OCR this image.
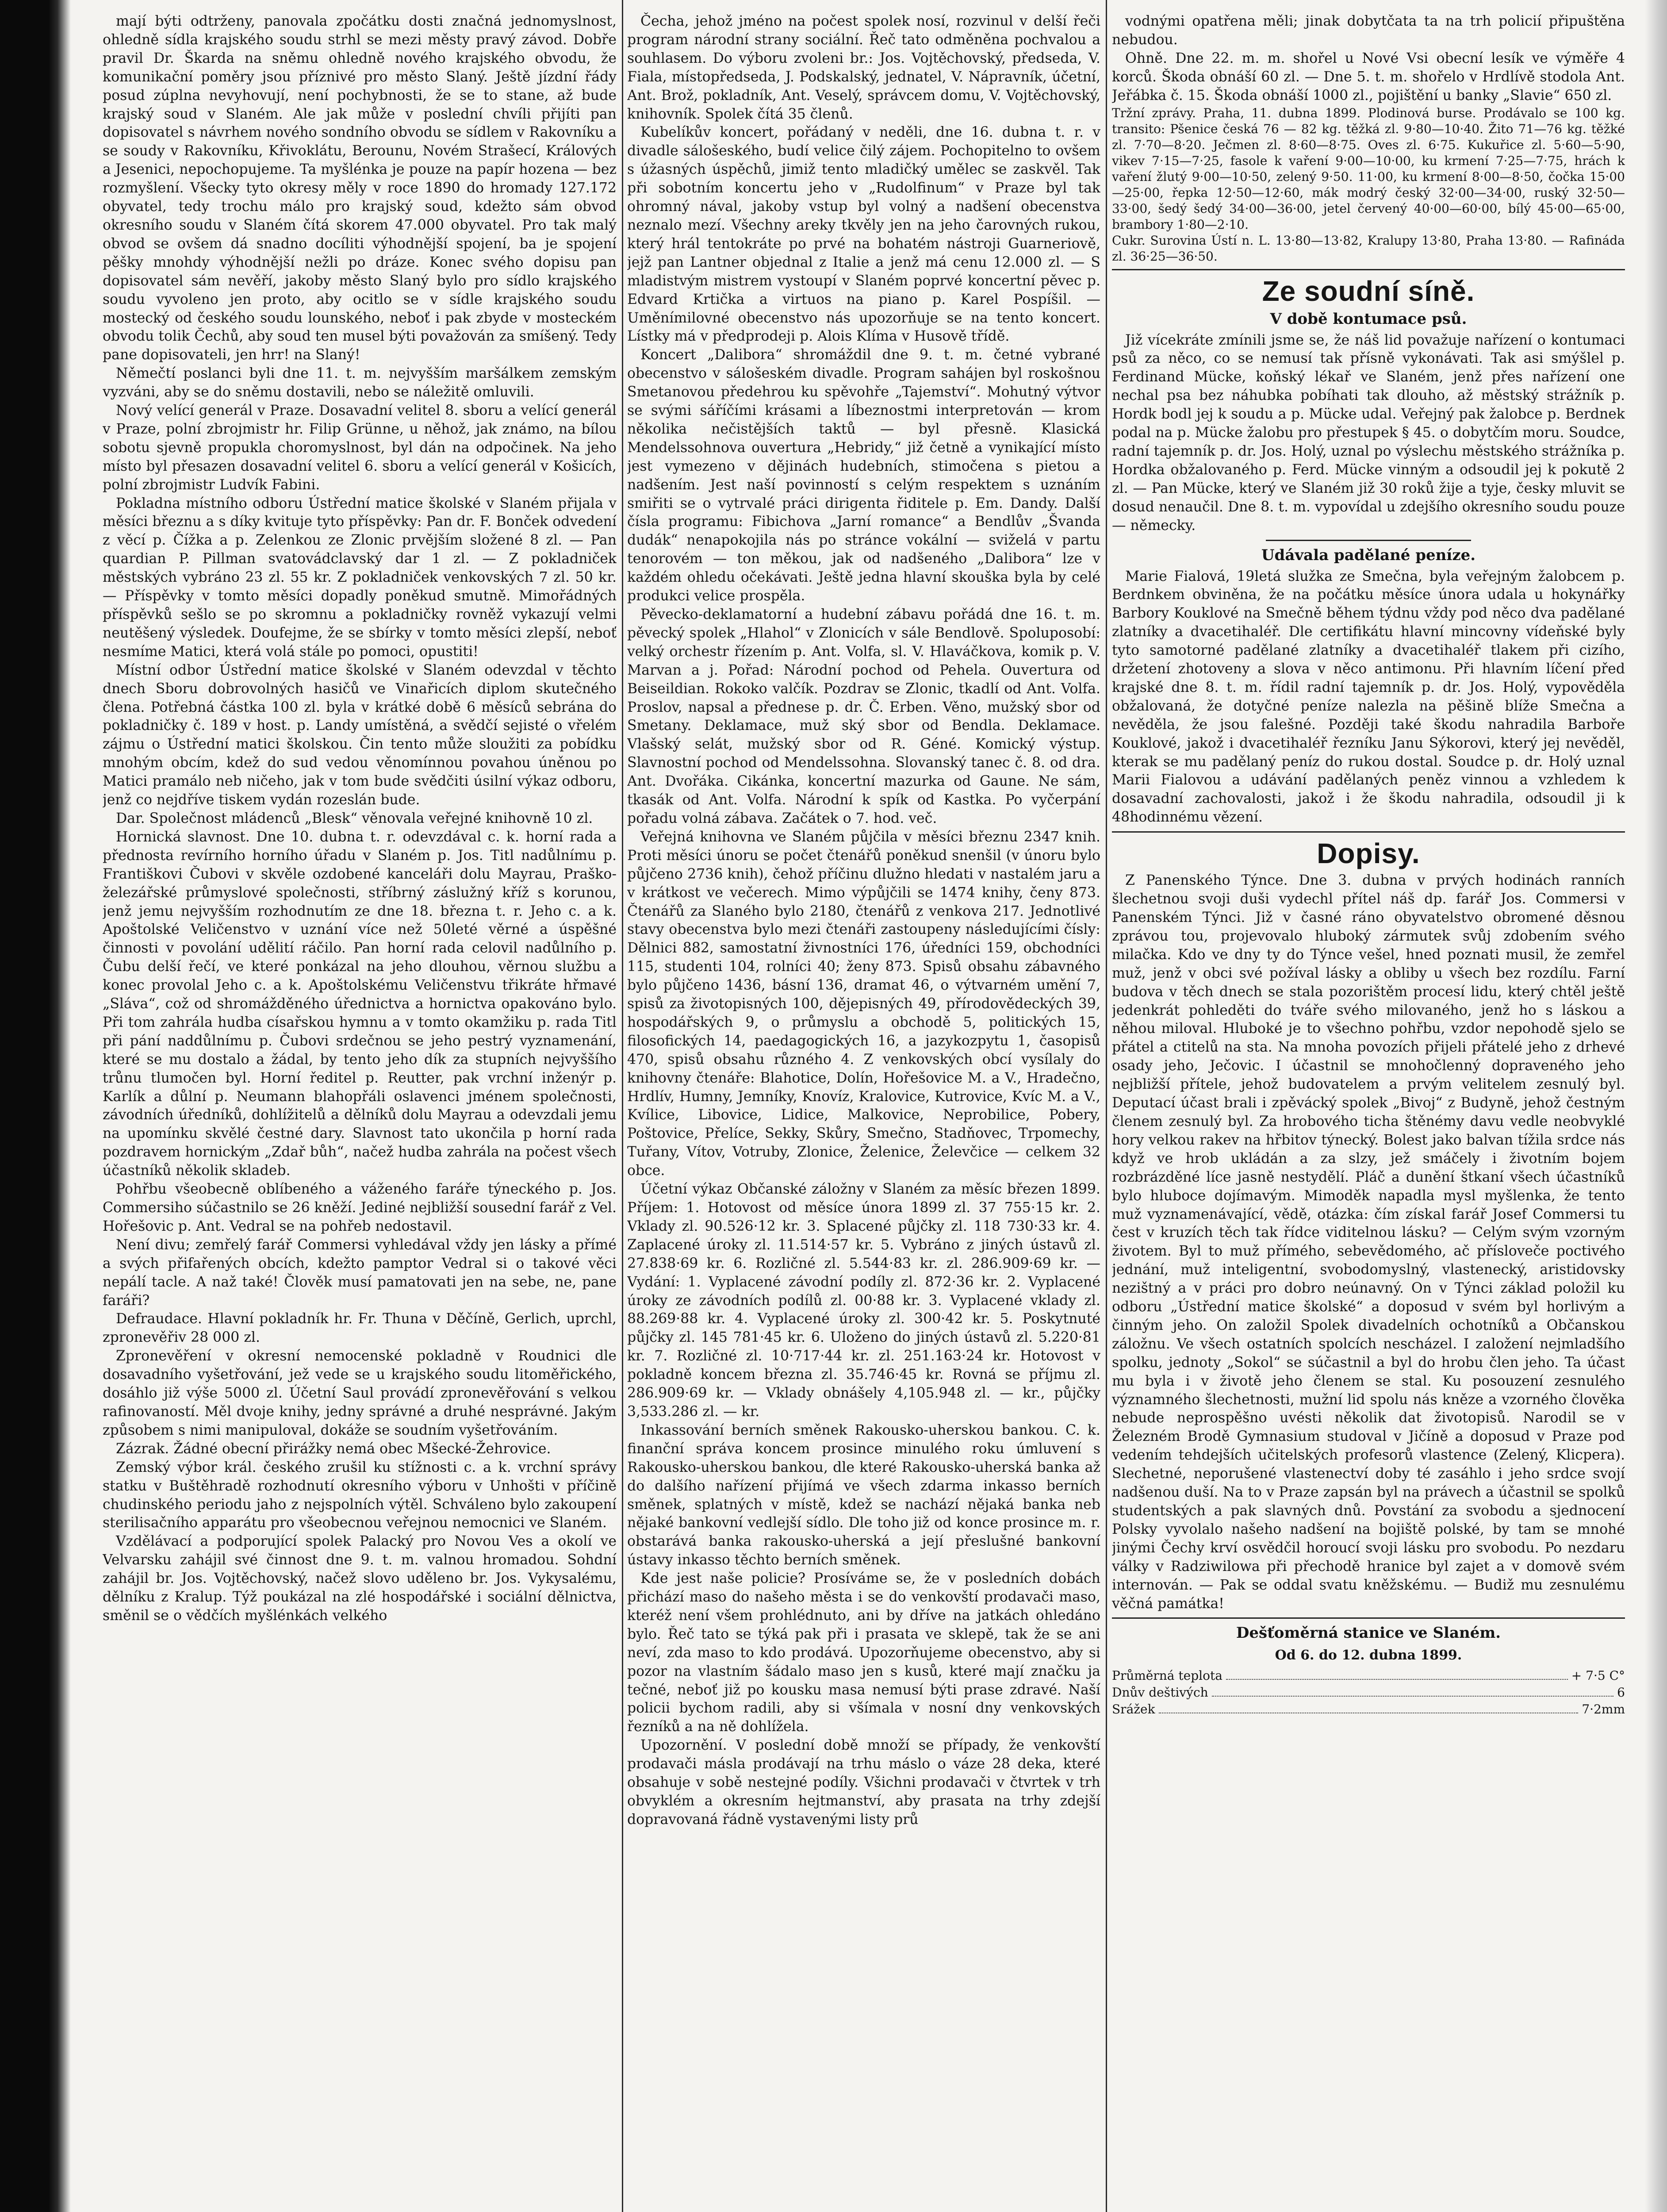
mají býti odtrženy, panovala zpočátku dosti značná jednomyslnost, ohledně sídla krajského soudu strhl se mezi městy pravý závod. Dobře pravil Dr. Škarda na sněmu ohledně nového krajského obvodu, že komunikační poměry jsou příznivé pro město Slaný. Ještě jízdní řády posud zúplna nevyhovují, není pochybnosti, že se to stane, až bude krajský soud v Slaném. Ale jak může v poslední chvíli přijíti pan dopisovatel s návrhem nového sondního obvodu se sídlem v Rakovníku a se soudy v Rakovníku, Křivoklátu, Berounu, Novém Strašecí, Králových a Jesenici, nepochopujeme. Ta myšlénka je pouze na papír hozena — bez rozmyšlení. Všecky tyto okresy měly v roce 1890 do hromady 127.172 obyvatel, tedy trochu málo pro krajský soud, kdežto sám obvod okresního soudu v Slaném čítá skorem 47.000 obyvatel. Pro tak malý obvod se ovšem dá snadno docíliti výhodnější spojení, ba je spojení pěšky mnohdy výhodnější nežli po dráze. Konec svého dopisu pan dopisovatel sám nevěří, jakoby město Slaný bylo pro sídlo krajského soudu vyvoleno jen proto, aby ocitlo se v sídle krajského soudu mostecký od českého soudu lounského, neboť i pak zbyde v mosteckém obvodu tolik Čechů, aby soud ten musel býti považován za smíšený. Tedy pane dopisovateli, jen hrr! na Slaný!

Němečtí poslanci byli dne 11. t. m. nejvyšším maršálkem zemským vyzváni, aby se do sněmu dostavili, nebo se náležitě omluvili.

Nový velící generál v Praze. Dosavadní velitel 8. sboru a velící generál v Praze, polní zbrojmistr hr. Filip Grünne, u něhož, jak známo, na bílou sobotu sjevně propukla choromyslnost, byl dán na odpočinek. Na jeho místo byl přesazen dosavadní velitel 6. sboru a velící generál v Košicích, polní zbrojmistr Ludvík Fabini.

Pokladna místního odboru Ústřední matice školské v Slaném přijala v měsíci březnu a s díky kvituje tyto příspěvky: Pan dr. F. Bonček odvedení z věcí p. Čížka a p. Zelenkou ze Zlonic prvějším složené 8 zl. — Pan quardian P. Pillman svatovádclavský dar 1 zl. — Z pokladniček městských vybráno 23 zl. 55 kr. Z pokladniček venkovských 7 zl. 50 kr. — Příspěvky v tomto měsíci dopadly poněkud smutně. Mimořádných příspěvků sešlo se po skromnu a pokladničky rovněž vykazují velmi neutěšený výsledek. Doufejme, že se sbírky v tomto měsíci zlepší, neboť nesmíme Matici, která volá stále po pomoci, opustiti!

Místní odbor Ústřední matice školské v Slaném odevzdal v těchto dnech Sboru dobrovolných hasičů ve Vinařicích diplom skutečného člena. Potřebná částka 100 zl. byla v krátké době 6 měsíců sebrána do pokladničky č. 189 v host. p. Landy umístěná, a svědčí sejisté o vřelém zájmu o Ústřední matici školskou. Čin tento může sloužiti za pobídku mnohým obcím, kdež do sud vedou věnomínnou povahou úněnou po Matici pramálo neb ničeho, jak v tom bude svědčiti úsilní výkaz odboru, jenž co nejdříve tiskem vydán rozeslán bude.

Dar. Společnost mládenců „Blesk“ věnovala veřejné knihovně 10 zl.

Hornická slavnost. Dne 10. dubna t. r. odevzdával c. k. horní rada a přednosta revírního horního úřadu v Slaném p. Jos. Titl nadůlnímu p. Františkovi Čubovi v skvěle ozdobené kanceláři dolu Mayrau, Praško-železářské průmyslové společnosti, stříbrný záslužný kříž s korunou, jenž jemu nejvyšším rozhodnutím ze dne 18. března t. r. Jeho c. a k. Apoštolské Veličenstvo v uznání více než 50leté věrné a úspěšné činnosti v povolání udělití ráčilo. Pan horní rada celovil nadůlního p. Čubu delší řečí, ve které ponkázal na jeho dlouhou, věrnou službu a konec provolal Jeho c. a k. Apoštolskému Veličenstvu třikráte hřmavé „Sláva“, což od shromážděného úřednictva a hornictva opakováno bylo. Při tom zahrála hudba císařskou hymnu a v tomto okamžiku p. rada Titl při pání naddůlnímu p. Čubovi srdečnou se jeho pestrý vyznamenání, které se mu dostalo a žádal, by tento jeho dík za stupních nejvyššího trůnu tlumočen byl. Horní ředitel p. Reutter, pak vrchní inženýr p. Karlík a důlní p. Neumann blahopřáli oslavenci jménem společnosti, závodních úředníků, dohlížitelů a dělníků dolu Mayrau a odevzdali jemu na upomínku skvělé čestné dary. Slavnost tato ukončila p horní rada pozdravem hornickým „Zdař bůh“, načež hudba zahrála na počest všech účastníků několik skladeb.

Pohřbu všeobecně oblíbeného a váženého faráře týneckého p. Jos. Commersiho súčastnilo se 26 kněží. Jediné nejbližší sousední farář z Vel. Hořešovic p. Ant. Vedral se na pohřeb nedostavil.

Není divu; zemřelý farář Commersi vyhledával vždy jen lásky a přímé a svých přifařených obcích, kdežto pamptor Vedral si o takové věci nepálí tacle. A naž také! Člověk musí pamatovati jen na sebe, ne, pane faráři?

Defraudace. Hlavní pokladník hr. Fr. Thuna v Děčíně, Gerlich, uprchl, zpronevěřiv 28 000 zl.

Zpronevěření v okresní nemocenské pokladně v Roudnici dle dosavadního vyšetřování, jež vede se u krajského soudu litoměřického, dosáhlo již výše 5000 zl. Účetní Saul provádí zpronevěřování s velkou rafinovaností. Měl dvoje knihy, jedny správné a druhé nesprávné. Jakým způsobem s nimi manipuloval, dokáže se soudním vyšetřováním.

Zázrak. Žádné obecní přirážky nemá obec Mšecké-Žehrovice.

Zemský výbor král. českého zrušil ku stížnosti c. a k. vrchní správy statku v Buštěhradě rozhodnutí okresního výboru v Unhošti v příčině chudinského periodu jaho z nejspolních výtěl. Schváleno bylo zakoupení sterilisačního apparátu pro všeobecnou veřejnou nemocnici ve Slaném.

Vzdělávací a podporující spolek Palacký pro Novou Ves a okolí ve Velvarsku zahájil své činnost dne 9. t. m. valnou hromadou. Sohdní zahájil br. Jos. Vojtěchovský, načež slovo uděleno br. Jos. Vykysalému, dělníku z Kralup. Týž poukázal na zlé hospodářské i sociální dělnictva, směnil se o vědčích myšlénkách velkého

Čecha, jehož jméno na počest spolek nosí, rozvinul v delší řeči program národní strany sociální. Řeč tato odměněna pochvalou a souhlasem. Do výboru zvoleni br.: Jos. Vojtěchovský, předseda, V. Fiala, místopředseda, J. Podskalský, jednatel, V. Nápravník, účetní, Ant. Brož, pokladník, Ant. Veselý, správcem domu, V. Vojtěchovský, knihovník. Spolek čítá 35 členů.

Kubelíkův koncert, pořádaný v neděli, dne 16. dubna t. r. v divadle sálošeského, budí velice čilý zájem. Pochopitelno to ovšem s úžasných úspěchů, jimiž tento mladičký umělec se zaskvěl. Tak při sobotním koncertu jeho v „Rudolfinum“ v Praze byl tak ohromný nával, jakoby vstup byl volný a nadšení obecenstva neznalo mezí. Všechny areky tkvěly jen na jeho čarovných rukou, který hrál tentokráte po prvé na bohatém nástroji Guarneriově, jejž pan Lantner objednal z Italie a jenž má cenu 12.000 zl. — S mladistvým mistrem vystoupí v Slaném poprvé koncertní pěvec p. Edvard Krtička a virtuos na piano p. Karel Pospíšil. — Uměnímilovné obecenstvo nás upozorňuje se na tento koncert. Lístky má v předprodeji p. Alois Klíma v Husově třídě.

Koncert „Daliborа“ shromáždil dne 9. t. m. četné vybrané obecenstvo v sálošeském divadle. Program sahájen byl roskošnou Smetanovou předehrou ku spěvohře „Tajemství“. Mohutný výtvor se svými sáříčími krásami a líbeznostmi interpretován — krom několika nečistějších taktů — byl přesně. Klasická Mendelssohnova ouvertura „Hebridy,“ již četně a vynikající místo jest vymezeno v dějinách hudebních, stimočena s pietou a nadšením. Jest naší povinností s celým respektem s uznáním smiřiti se o vytrvalé práci dirigenta řiditele p. Em. Dandy. Další čísla programu: Fibichova „Jarní romance“ a Bendlův „Švanda dudák“ nenapokojila nás po stránce vokální — sviželá v partu tenorovém — ton měkou, jak od nadšeného „Dalibora“ lze v každém ohledu očekávati. Ještě jedna hlavní skouška byla by celé produkci velice prospěla.

Pěvecko-deklamatorní a hudební zábavu pořádá dne 16. t. m. pěvecký spolek „Hlahol“ v Zlonicích v sále Bendlově. Spoluposobí: velký orchestr řízením p. Ant. Volfa, sl. V. Hlaváčkova, komik p. V. Marvan a j. Pořad: Národní pochod od Pehela. Ouvertura od Beiseildian. Rokoko valčík. Pozdrav se Zlonic, tkadlí od Ant. Volfa. Proslov, napsal a přednese p. dr. Č. Erben. Věno, mužský sbor od Smetany. Deklamace, muž ský sbor od Bendla. Deklamace. Vlašský selát, mužský sbor od R. Géné. Komický výstup. Slavnostní pochod od Mendelssohna. Slovanský tanec č. 8. od dra. Ant. Dvořáka. Cikánka, koncertní mazurka od Gaune. Ne sám, tkasák od Ant. Volfa. Národní k spík od Kastka. Po vyčerpání pořadu volná zábava. Začátek o 7. hod. več.

Veřejná knihovna ve Slaném půjčila v měsíci březnu 2347 knih. Proti měsíci únoru se počet čtenářů poněkud snenšil (v únoru bylo půjčeno 2736 knih), čehož příčinu dlužno hledati v nastalém jaru a v krátkost ve večerech. Mimo výpůjčili se 1474 knihy, čeny 873. Čtenářů za Slaného bylo 2180, čtenářů z venkova 217. Jednotlivé stavy obecenstva bylo mezi čtenáři zastoupeny následujícími čísly: Dělnici 882, samostatní živnostníci 176, úředníci 159, obchodníci 115, studenti 104, rolníci 40; ženy 873. Spisů obsahu zábavného bylo půjčeno 1436, básní 136, dramat 46, o výtvarném umění 7, spisů za životopisných 100, dějepisných 49, přírodovědeckých 39, hospodářských 9, o průmyslu a obchodě 5, politických 15, filosofických 14, paedagogických 16, a jazykozpytu 1, časopisů 470, spisů obsahu různého 4. Z venkovských obcí vysílaly do knihovny čtenáře: Blahotice, Dolín, Hořešovice M. a V., Hradečno, Hrdlív, Humny, Jemníky, Knovíz, Kralovice, Kutrovice, Kvíc M. a V., Kvílice, Libovice, Lidice, Malkovice, Neprobilice, Pobery, Poštovice, Přelíce, Sekky, Skůry, Smečno, Stadňovec, Trpomechy, Tuřany, Vítov, Votruby, Zlonice, Želenice, Želevčice — celkem 32 obce.

Účetní výkaz Občanské záložny v Slaném za měsíc březen 1899. Příjem: 1. Hotovost od měsíce února 1899 zl. 37 755·15 kr. 2. Vklady zl. 90.526·12 kr. 3. Splacené půjčky zl. 118 730·33 kr. 4. Zaplacené úroky zl. 11.514·57 kr. 5. Vybráno z jiných ústavů zl. 27.838·69 kr. 6. Rozličné zl. 5.544·83 kr. zl. 286.909·69 kr. — Vydání: 1. Vyplacené závodní podíly zl. 872·36 kr. 2. Vyplacené úroky ze závodních podílů zl. 00·88 kr. 3. Vyplacené vklady zl. 88.269·88 kr. 4. Vyplacené úroky zl. 300·42 kr. 5. Poskytnuté půjčky zl. 145 781·45 kr. 6. Uloženo do jiných ústavů zl. 5.220·81 kr. 7. Rozličné zl. 10·717·44 kr. zl. 251.163·24 kr. Hotovost v pokladně koncem března zl. 35.746·45 kr. Rovná se příjmu zl. 286.909·69 kr. — Vklady obnášely 4,105.948 zl. — kr., půjčky 3,533.286 zl. — kr.

Inkassování berních směnek Rakousko-uherskou bankou. C. k. finanční správa koncem prosince minulého roku úmluvení s Rakousko-uherskou bankou, dle které Rakousko-uherská banka až do dalšího nařízení přijímá ve všech zdarma inkasso berních směnek, splatných v místě, kdež se nachází nějaká banka neb nějaké bankovní vedlejší sídlo. Dle toho již od konce prosince m. r. obstarává banka rakousko-uherská a její přeslušné bankovní ústavy inkasso těchto berních směnek.

Kde jest naše policie? Prosíváme se, že v posledních dobách přichází maso do našeho města i se do venkovští prodavači maso, kteréž není všem prohlédnuto, ani by dříve na jatkách ohledáno bylo. Řeč tato se týká pak při i prasata ve sklepě, tak že se ani neví, zda maso to kdo prodává. Upozorňujeme obecenstvo, aby si pozor na vlastním šádalo maso jen s kusů, které mají značku ja tečné, neboť již po kousku masa nemusí býti prase zdravé. Naší policii bychom radili, aby si všímala v nosní dny venkovských řezníků a na ně dohlížela.

Upozornění. V poslední době množí se případy, že venkovští prodavači másla prodávají na trhu máslo o váze 28 deka, které obsahuje v sobě nestejné podíly. Všichni prodavači v čtvrtek v trh obvyklém a okresním hejtmanství, aby prasata na trhy zdejší dopravovaná řádně vystavenými listy prů

vodnými opatřena měli; jinak dobytčata ta na trh policií připuštěna nebudou.

Ohně. Dne 22. m. m. shořel u Nové Vsi obecní lesík ve výměře 4 korců. Škoda obnáší 60 zl. — Dne 5. t. m. shořelo v Hrdlívě stodola Ant. Jeřábka č. 15. Škoda obnáší 1000 zl., pojištění u banky „Slavie“ 650 zl.

Tržní zprávy. Praha, 11. dubna 1899. Plodinová burse. Prodávalo se 100 kg. transito: Pšenice česká 76 — 82 kg. těžká zl. 9·80—10·40. Žito 71—76 kg. těžké zl. 7·70—8·20. Ječmen zl. 8·60—8·75. Oves zl. 6·75. Kukuřice zl. 5·60—5·90, vikev 7·15—7·25, fasole k vaření 9·00—10·00, ku krmení 7·25—7·75, hrách k vaření žlutý 9·00—10·50, zelený 9·50. 11·00, ku krmení 8·00—8·50, čočka 15·00—25·00, řepka 12·50—12·60, mák modrý český 32·00—34·00, ruský 32·50—33·00, šedý šedý 34·00—36·00, jetel červený 40·00—60·00, bílý 45·00—65·00, brambory 1·80—2·10.
Cukr. Surovina Ústí n. L. 13·80—13·82, Kralupy 13·80, Praha 13·80. — Rafináda zl. 36·25—36·50.
Ze soudní síně.
V době kontumace psů.

Již vícekráte zmínili jsme se, že náš lid považuje nařízení o kontumaci psů za něco, co se nemusí tak přísně vykonávati. Tak asi smýšlel p. Ferdinand Mücke, koňský lékař ve Slaném, jenž přes nařízení one nechal psa bez náhubka pobíhati tak dlouho, až městský strážník p. Hordk bodl jej k soudu a p. Mücke udal. Veřejný pak žalobce p. Berdnek podal na p. Mücke žalobu pro přestupek § 45. o dobytčím moru. Soudce, radní tajemník p. dr. Jos. Holý, uznal po výslechu městského strážníka p. Hordka obžalovaného p. Ferd. Mücke vinným a odsoudil jej k pokutě 2 zl. — Pan Mücke, který ve Slaném již 30 roků žije a tyje, česky mluvit se dosud nenaučil. Dne 8. t. m. vypovídal u zdejšího okresního soudu pouze — německy.

Udávala padělané peníze.

Marie Fialová, 19letá služka ze Smečna, byla veřejným žalobcem p. Berdnkem obviněna, že na počátku měsíce února udala u hokynářky Barbory Kouklové na Smečně během týdnu vždy pod něco dva padělané zlatníky a dvacetihaléř. Dle certifikátu hlavní mincovny vídeňské byly tyto samotorné padělané zlatníky a dvacetihaléř tlakem při cizího, držetení zhotoveny a slova v něco antimonu. Při hlavním líčení před krajské dne 8. t. m. řídil radní tajemník p. dr. Jos. Holý, vypověděla obžalovaná, že dotyčné peníze nalezla na pěšině blíže Smečna a nevěděla, že jsou falešné. Později také škodu nahradila Barboře Kouklové, jakož i dvacetihaléř řezníku Janu Sýkorovi, který jej nevěděl, kterak se mu padělaný peníz do rukou dostal. Soudce p. dr. Holý uznal Marii Fialovou a udávání padělaných peněz vinnou a vzhledem k dosavadní zachovalosti, jakož i že škodu nahradila, odsoudil ji k 48hodinnému vězení.

Dopisy.

Z Panenského Týnce. Dne 3. dubna v prvých hodinách ranních šlechetnou svoji duši vydechl přítel náš dp. farář Jos. Commersi v Panenském Týnci. Již v časné ráno obyvatelstvo obromené děsnou zprávou tou, projevovalo hluboký zármutek svůj zdobením svého milačka. Kdo ve dny ty do Týnce vešel, hned poznati musil, že zemřel muž, jenž v obci své požíval lásky a obliby u všech bez rozdílu. Farní budova v těch dnech se stala pozorištěm procesí lidu, který chtěl ještě jedenkrát pohleděti do tváře svého milovaného, jenž ho s láskou a něhou miloval. Hluboké je to všechno pohřbu, vzdor nepohodě sjelo se přátel a ctitelů na sta. Na mnoha povozích přijeli přátelé jeho z drhevé osady jeho, Ječovic. I účastnil se mnohočlenný dopraveného jeho nejbližší přítele, jehož budovatelem a prvým velitelem zesnulý byl. Deputací účast brali i zpěvácký spolek „Bivoj“ z Budyně, jehož čestným členem zesnulý byl. Za hrobového ticha štěnémy davu vedle neobvyklé hory velkou rakev na hřbitov týnecký. Bolest jako balvan tížila srdce nás když ve hrob ukládán a za slzy, jež smáčely i životním bojem rozbrázděné líce jasně nestydělí. Pláč a dunění štkaní všech účastníků bylo hluboce dojímavým. Mimoděk napadla mysl myšlenka, že tento muž vyznamenávající, vědě, otázka: čím získal farář Josef Commersi tu čest v kruzích těch tak řídce viditelnou lásku? — Celým svým vzorným životem. Byl to muž přímého, sebevědomého, ač přísloveče poctivého jednání, muž inteligentní, svobodomyslný, vlastenecký, aristidovsky nezištný a v práci pro dobro neúnavný. On v Týnci základ položil ku odboru „Ústřední matice školské“ a doposud v svém byl horlivým a činným jeho. On založil Spolek divadelních ochotníků a Občanskou záložnu. Ve všech ostatních spolcích nescházel. I založení nejmladšího spolku, jednoty „Sokol“ se súčastnil a byl do hrobu člen jeho. Ta účast mu byla i v životě jeho členem se stal. Ku posouzení zesnulého významného šlechetnosti, mužní lid spolu nás kněze a vzorného člověka nebude neprospěšno uvésti několik dat životopisů. Narodil se v Železném Brodě Gymnasium studoval v Jičíně a doposud v Praze pod vedením tehdejších učitelských profesorů vlastence (Zelený, Klicpera). Slechetné, neporušené vlastenectví doby té zasáhlo i jeho srdce svojí nadšenou duší. Na to v Praze zapsán byl na právech a účastnil se spolků studentských a pak slavných dnů. Povstání za svobodu a sjednocení Polsky vyvolalo našeho nadšení na bojiště polské, by tam se mnohé jinými Čechy krví osvědčil horoucí svoji lásku pro svobodu. Po nezdaru války v Radziwilowa při přechodě hranice byl zajet a v domově svém internován. — Pak se oddal svatu kněžskému. — Budiž mu zesnulému věčná památka!

Dešťoměrná stanice ve Slaném.
Od 6. do 12. dubna 1899.
Průměrná teplota	+ 7·5 C°
Dnův deštivých	6
Srážek	7·2mm
